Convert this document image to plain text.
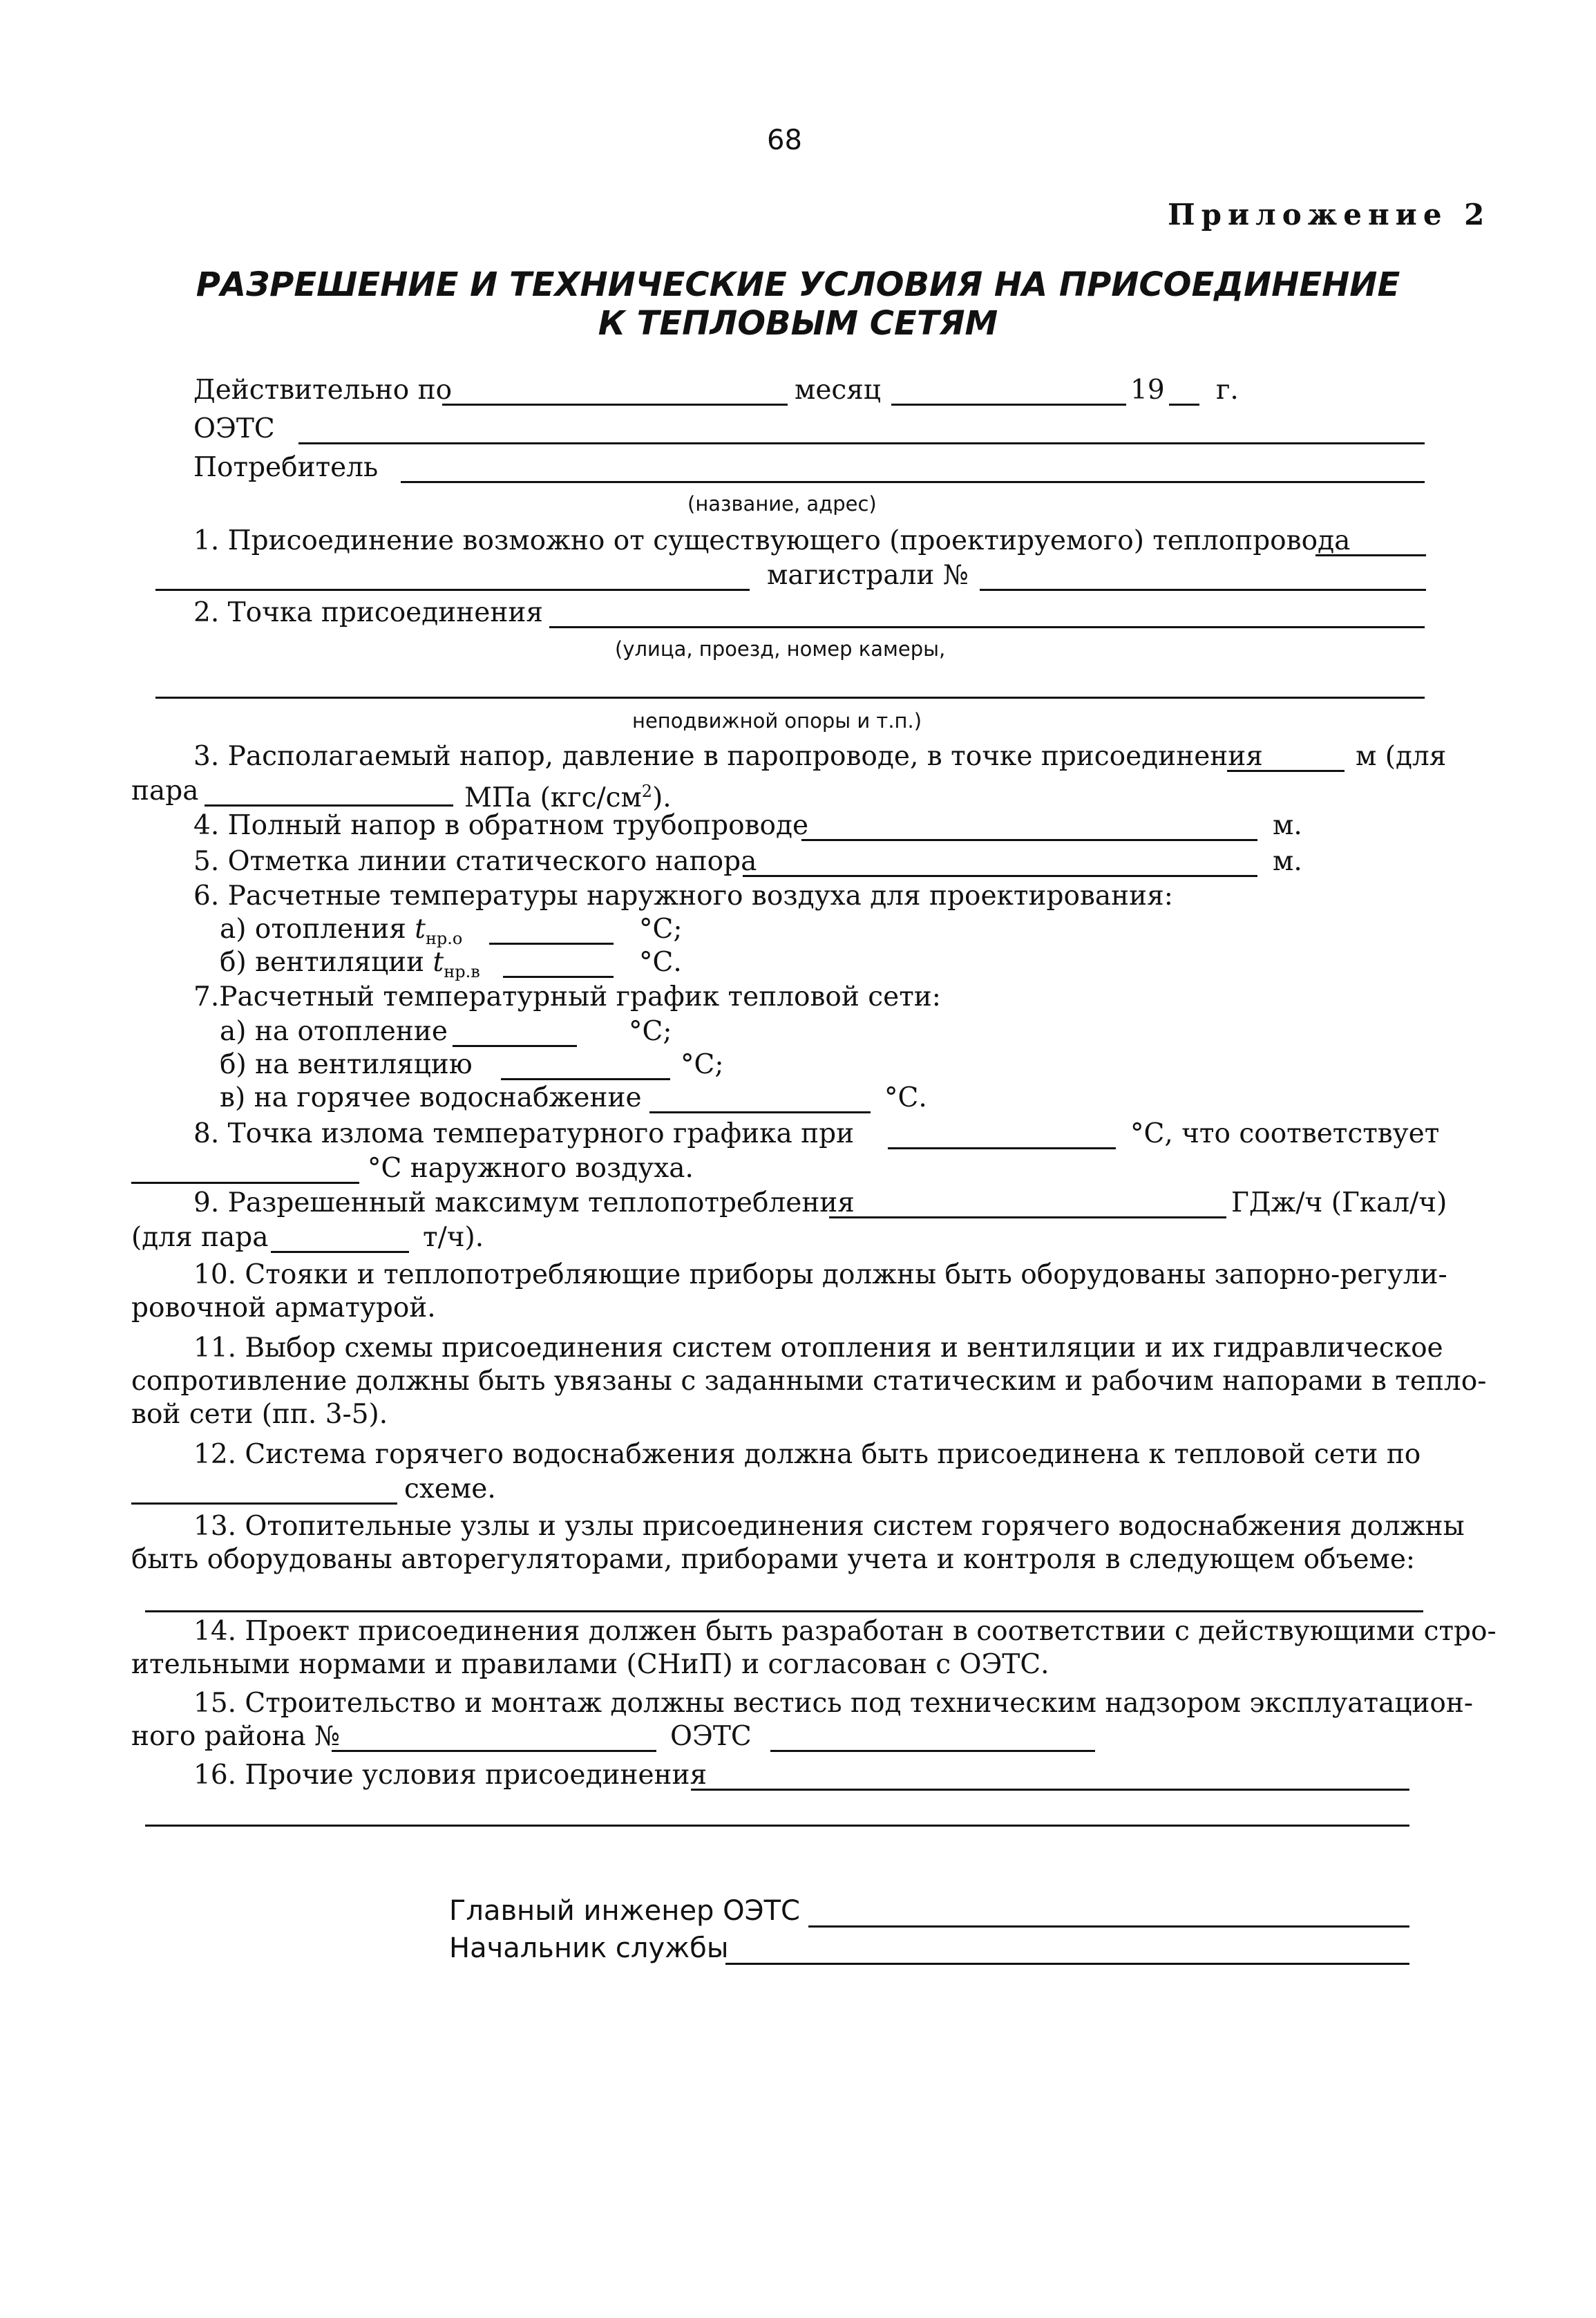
68
Приложение 2
РАЗРЕШЕНИЕ И ТЕХНИЧЕСКИЕ УСЛОВИЯ НА ПРИСОЕДИНЕНИЕ
К ТЕПЛОВЫМ СЕТЯМ
Действительно по	месяц	19 г.
ОЭТС
Потребитель
(название, адрес)
1. Присоединение возможно от существующего (проектируемого) теплопровода
магистрали №
2. Точка присоединения
(улица, проезд, номер камеры,
неподвижной опоры и т.п.)
3. Располагаемый напор, давление в паропроводе, в точке присоединения	м (для
пара	МПа $(кгс/см^2)$.
4. Полный напор в обратном трубопроводе	м.
5. Отметка линии статического напора	м.
6. Расчетные температуры наружного воздуха для проектирования:
а) отопления $t_{нр.о}$	°С;
б) вентиляции $t_{нр.в}$	°С.
7.Расчетный температурный график тепловой сети:
а) на отопление	°С;
б) на вентиляцию	°С;
в) на горячее водоснабжение	°С.
8. Точка излома температурного графика при	°С, что соответствует
°С наружного воздуха.
9. Разрешенный максимум теплопотребления	ГДж/ч (Гкал/ч)
(для пара	т/ч).
10. Стояки и теплопотребляющие приборы должны быть оборудованы запорно-регули-
ровочной арматурой.
11. Выбор схемы присоединения систем отопления и вентиляции и их гидравлическое
сопротивление должны быть увязаны с заданными статическим и рабочим напорами в тепло-
вой сети (пп. 3-5).
12. Система горячего водоснабжения должна быть присоединена к тепловой сети по
схеме.
13. Отопительные узлы и узлы присоединения систем горячего водоснабжения должны
быть оборудованы авторегуляторами, приборами учета и контроля в следующем объеме:
14. Проект присоединения должен быть разработан в соответствии с действующими стро-
ительными нормами и правилами (СНиП) и согласован с ОЭТС.
15. Строительство и монтаж должны вестись под техническим надзором эксплуатацион-
ного района №	ОЭТС
16. Прочие условия присоединения
Главный инженер ОЭТС
Начальник службы
